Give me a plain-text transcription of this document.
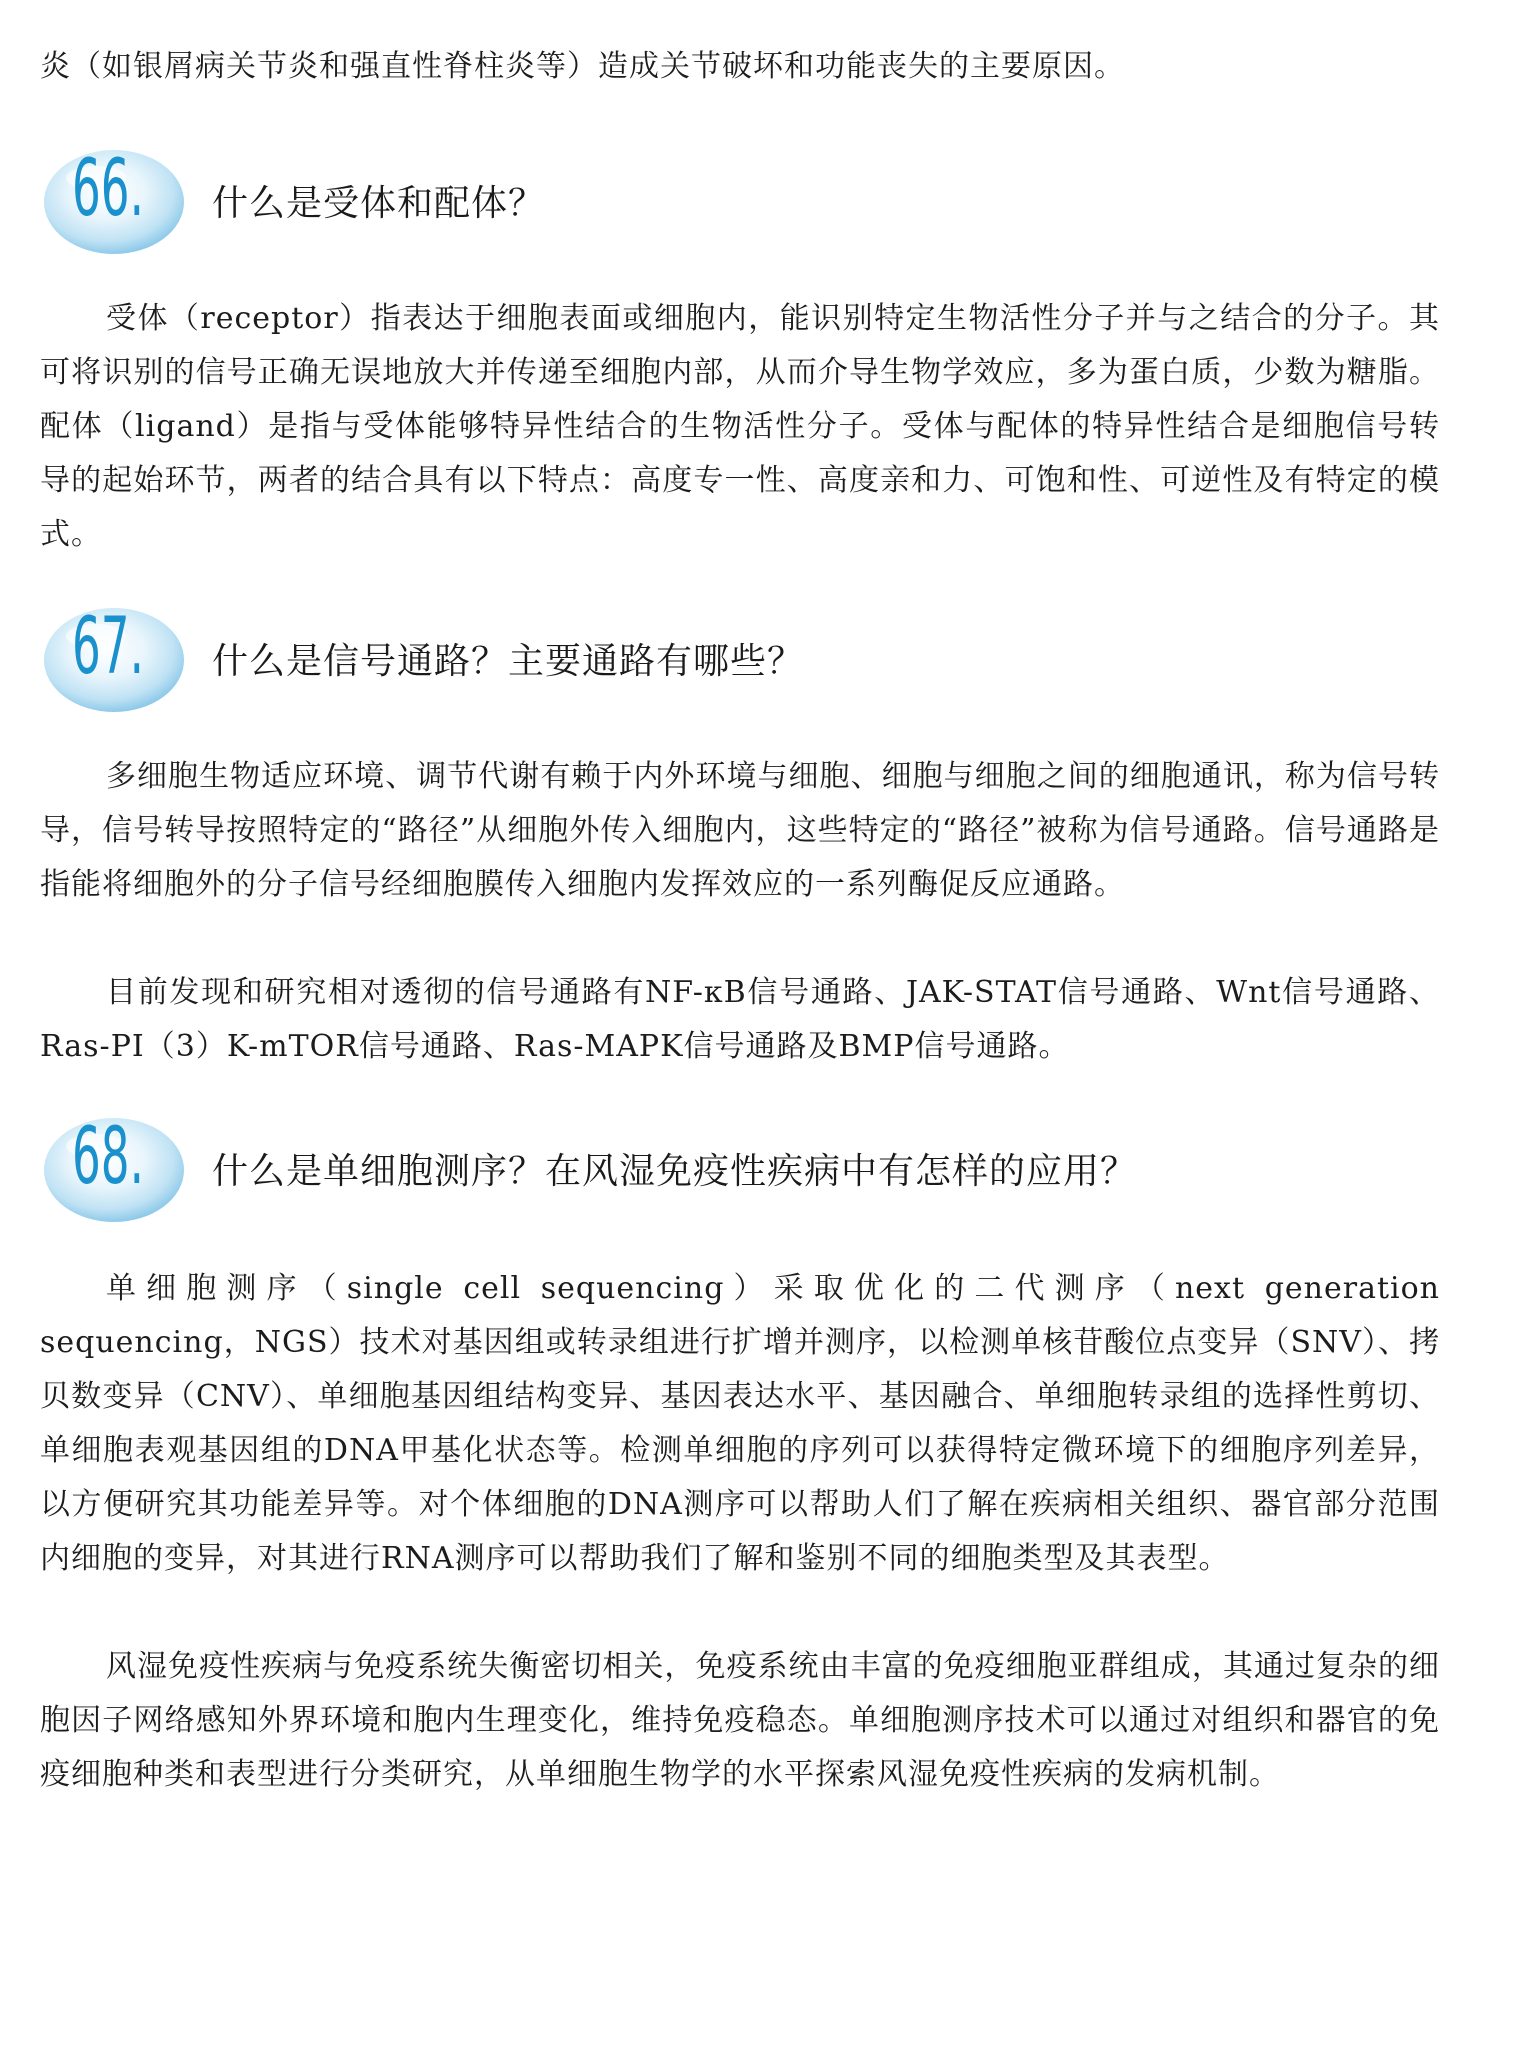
炎（如银屑病关节炎和强直性脊柱炎等）造成关节破坏和功能丧失的主要原因。

66. 什么是受体和配体？

受体（receptor）指表达于细胞表面或细胞内，能识别特定生物活性分子并与之结合的分子。其可将识别的信号正确无误地放大并传递至细胞内部，从而介导生物学效应，多为蛋白质，少数为糖脂。配体（ligand）是指与受体能够特异性结合的生物活性分子。受体与配体的特异性结合是细胞信号转导的起始环节，两者的结合具有以下特点：高度专一性、高度亲和力、可饱和性、可逆性及有特定的模式。

67. 什么是信号通路？主要通路有哪些？

多细胞生物适应环境、调节代谢有赖于内外环境与细胞、细胞与细胞之间的细胞通讯，称为信号转导，信号转导按照特定的“路径”从细胞外传入细胞内，这些特定的“路径”被称为信号通路。信号通路是指能将细胞外的分子信号经细胞膜传入细胞内发挥效应的一系列酶促反应通路。

目前发现和研究相对透彻的信号通路有NF-κB信号通路、JAK-STAT信号通路、Wnt信号通路、Ras-PI（3）K-mTOR信号通路、Ras-MAPK信号通路及BMP信号通路。

68. 什么是单细胞测序？在风湿免疫性疾病中有怎样的应用？

单细胞测序（single cell sequencing）采取优化的二代测序（next generation sequencing，NGS）技术对基因组或转录组进行扩增并测序，以检测单核苷酸位点变异（SNV）、拷贝数变异（CNV）、单细胞基因组结构变异、基因表达水平、基因融合、单细胞转录组的选择性剪切、单细胞表观基因组的DNA甲基化状态等。检测单细胞的序列可以获得特定微环境下的细胞序列差异，以方便研究其功能差异等。对个体细胞的DNA测序可以帮助人们了解在疾病相关组织、器官部分范围内细胞的变异，对其进行RNA测序可以帮助我们了解和鉴别不同的细胞类型及其表型。

风湿免疫性疾病与免疫系统失衡密切相关，免疫系统由丰富的免疫细胞亚群组成，其通过复杂的细胞因子网络感知外界环境和胞内生理变化，维持免疫稳态。单细胞测序技术可以通过对组织和器官的免疫细胞种类和表型进行分类研究，从单细胞生物学的水平探索风湿免疫性疾病的发病机制。
